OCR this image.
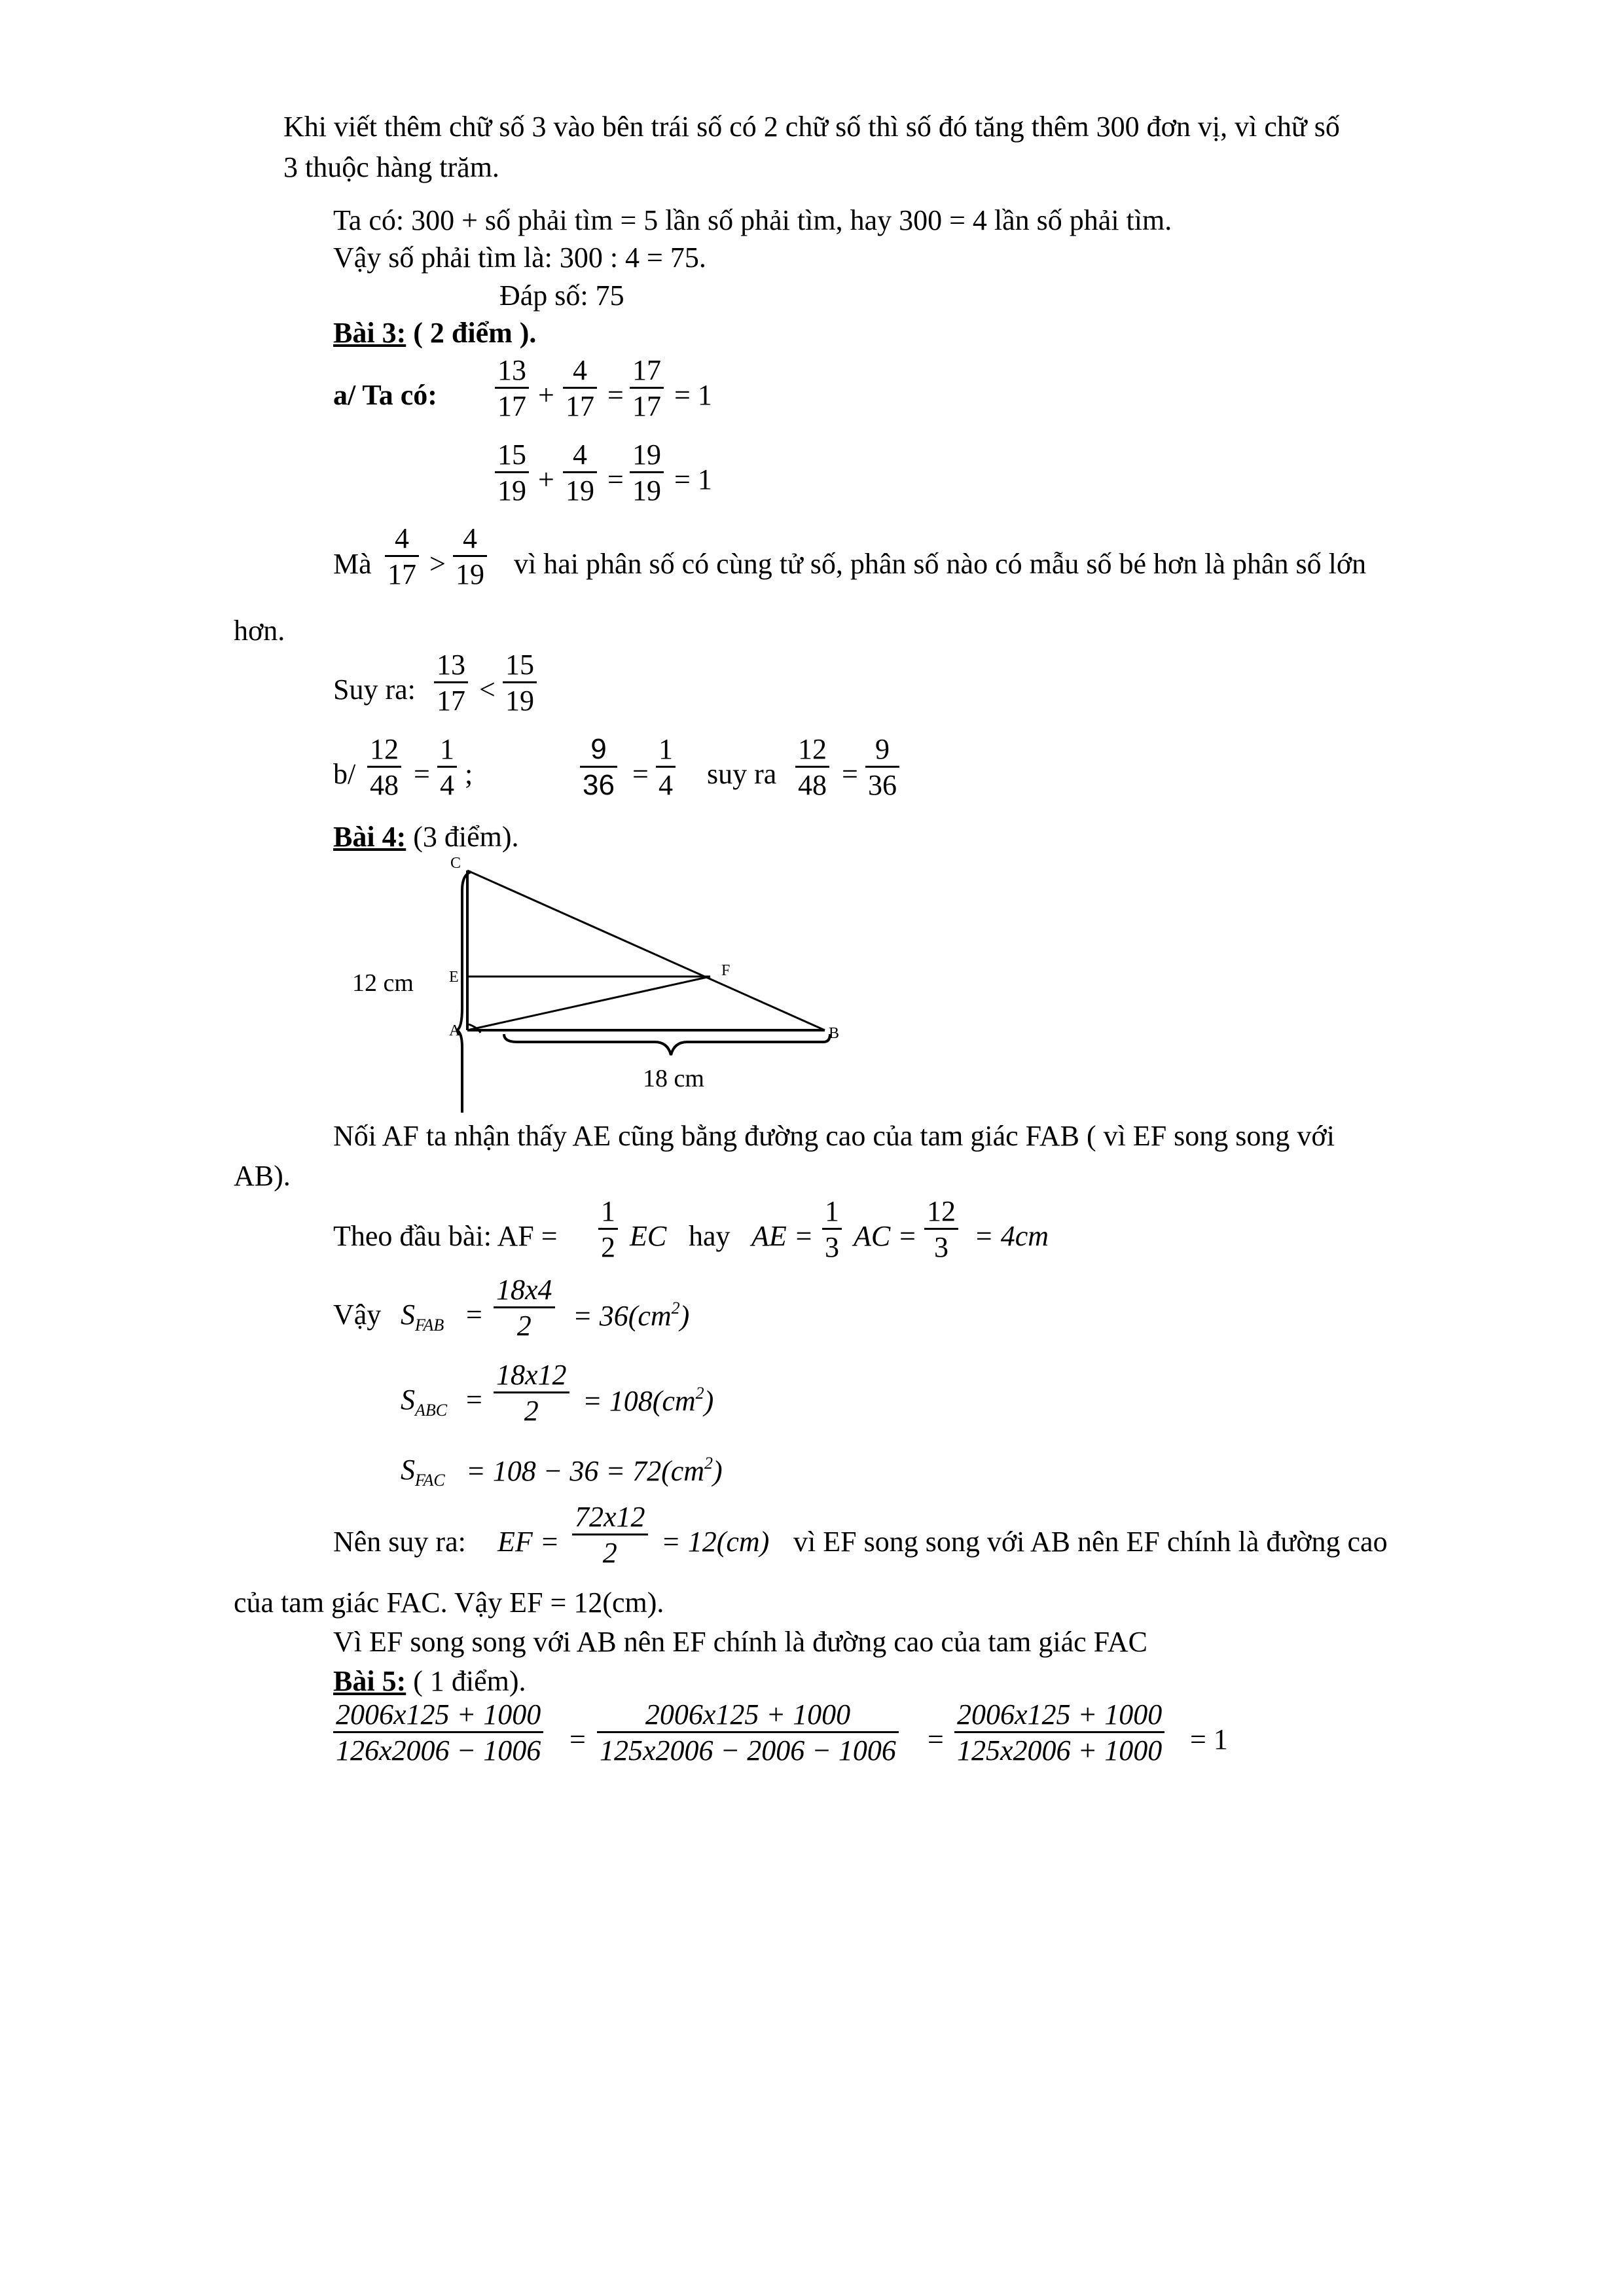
Khi viết thêm chữ số 3 vào bên trái số có 2 chữ số thì số đó tăng thêm 300 đơn vị, vì chữ số
3 thuộc hàng trăm.
Ta có: 300 + số phải tìm = 5 lần số phải tìm, hay 300 = 4 lần số phải tìm.
Vậy số phải tìm là: 300 : 4 = 75.
Đáp số: 75
Bài 3: ( 2 điểm ).
a/ Ta có:
13
17 +
4
17 =
17
17 = 1
15
19 +
4
19 =
19
19 = 1
Mà
4
17 >
4
19 vì hai phân số có cùng tử số, phân số nào có mẫu số bé hơn là phân số lớn
hơn.
Suy ra:
13
17 <
15
19
b/
12
48 =
1
4 ;
9
36 =
1
4 suy ra
12
48 =
9
36
Bài 4: (3 điểm).
C
E	F
A	B
12 cm
18 cm
Nối AF ta nhận thấy AE cũng bằng đường cao của tam giác FAB ( vì EF song song với
AB).
Theo đầu bài: AF =
1
2 EC hay AE =
1
3 AC =
12
3 = 4cm
Vậy $S_{FAB}$ =
18x4
$2 = 36(cm^2)$
$S_{ABC}$ =
18x12
$2 = 108(cm^2)$
$S_{FAC} = 108 - 36 = 72(cm^2)$
Nên suy ra: EF =
72x12
2 = 12(cm) vì EF song song với AB nên EF chính là đường cao
của tam giác FAC. Vậy EF = 12(cm).
Vì EF song song với AB nên EF chính là đường cao của tam giác FAC
Bài 5: ( 1 điểm).
2006x125 + 1000
126x2006 − 1006 =
2006x125 + 1000
125x2006 − 2006 − 1006 =
2006x125 + 1000
125x2006 + 1000 = 1
